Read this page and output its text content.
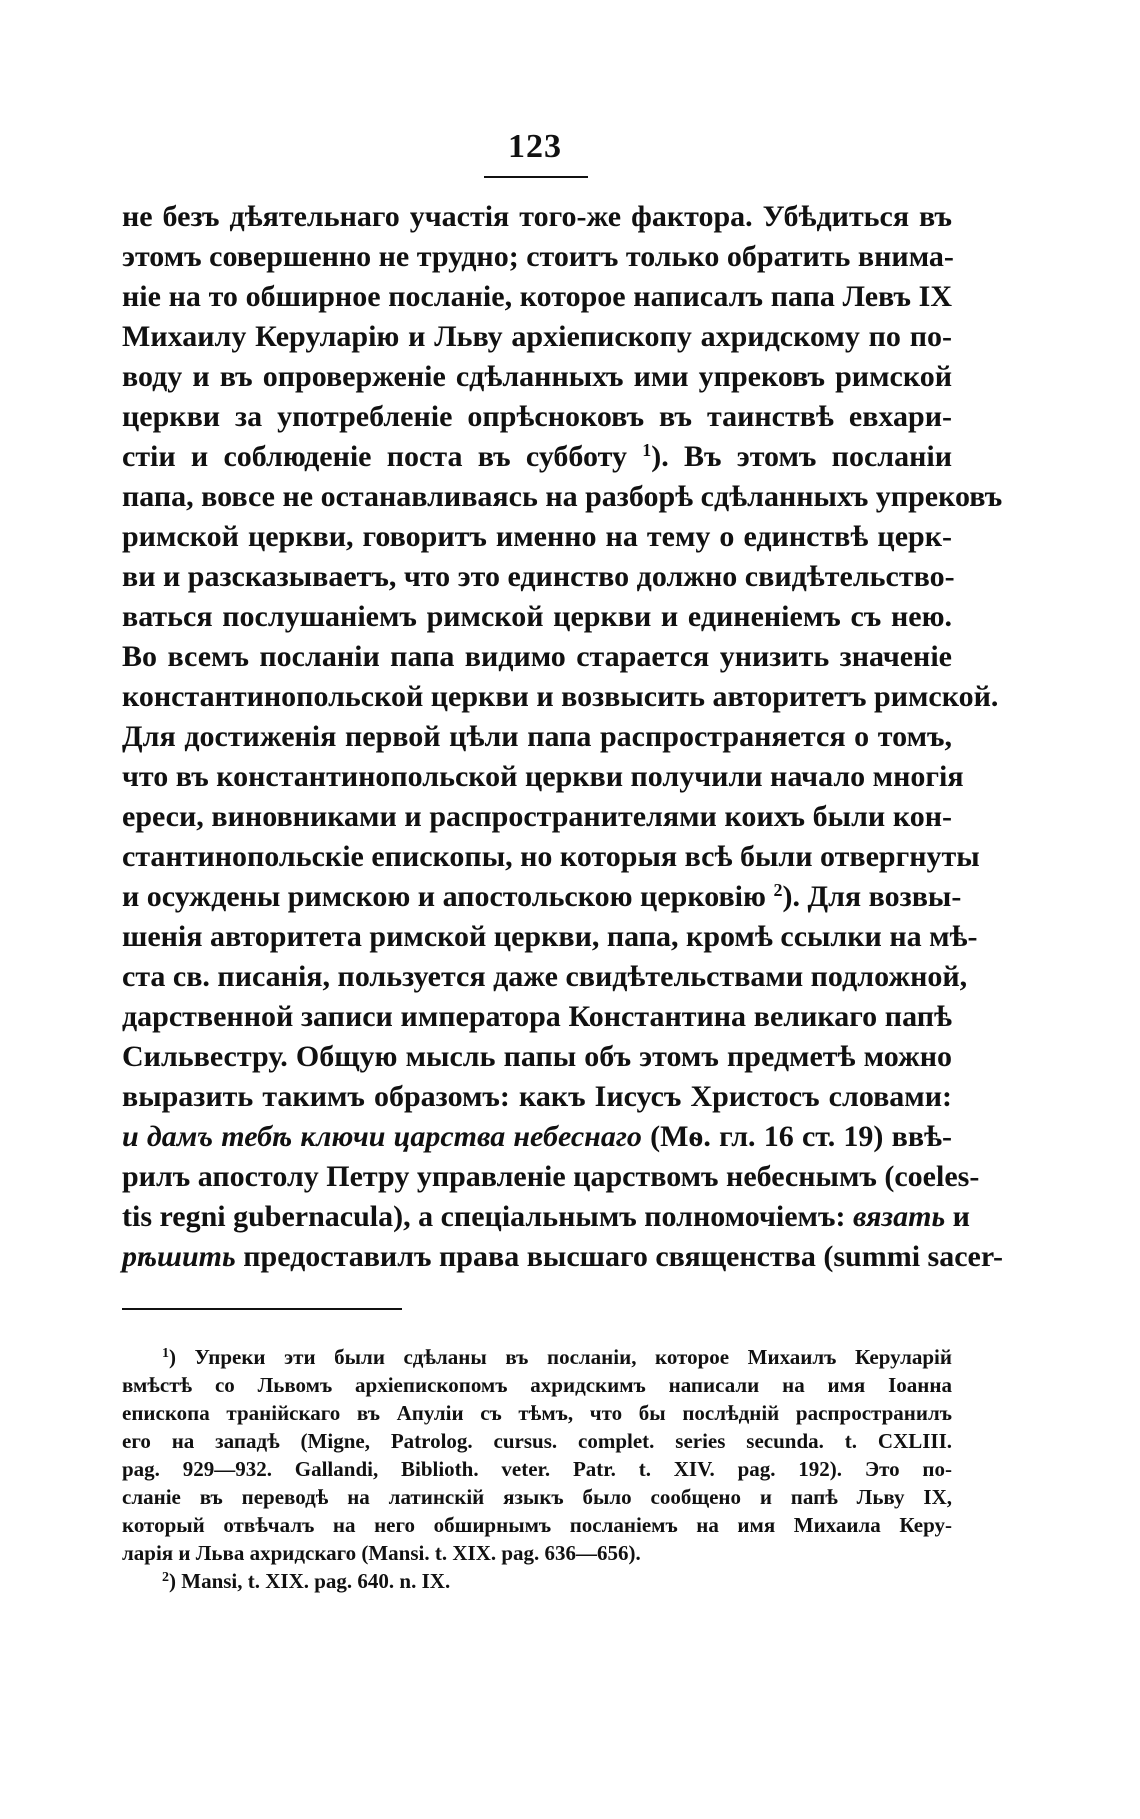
123
не безъ дѣятельнаго участія того-же фактора. Убѣдиться въ
этомъ совершенно не трудно; стоитъ только обратить внима-
ніе на то обширное посланіе, которое написалъ папа Левъ IX
Михаилу Керуларію и Льву архіепископу ахридскому по по-
воду и въ опроверженіе сдѣланныхъ ими упрековъ римской
церкви за употребленіе опрѣсноковъ въ таинствѣ евхари-
стіи и соблюденіе поста въ субботу $^1$). Въ этомъ посланіи
папа, вовсе не останавливаясь на разборѣ сдѣланныхъ упрековъ
римской церкви, говоритъ именно на тему о единствѣ церк-
ви и разсказываетъ, что это единство должно свидѣтельство-
ваться послушаніемъ римской церкви и единеніемъ съ нею.
Во всемъ посланіи папа видимо старается унизить значеніе
константинопольской церкви и возвысить авторитетъ римской.
Для достиженія первой цѣли папа распространяется о томъ,
что въ константинопольской церкви получили начало многія
ереси, виновниками и распространителями коихъ были кон-
стантинопольскіе епископы, но которыя всѣ были отвергнуты
и осуждены римскою и апостольскою церковію $^2$). Для возвы-
шенія авторитета римской церкви, папа, кромѣ ссылки на мѣ-
ста св. писанія, пользуется даже свидѣтельствами подложной,
дарственной записи императора Константина великаго папѣ
Сильвестру. Общую мысль папы объ этомъ предметѣ можно
выразить такимъ образомъ: какъ Іисусъ Христосъ словами:
и дамъ тебѣ ключи царства небеснаго (Мѳ. гл. 16 ст. 19) ввѣ-
рилъ апостолу Петру управленіе царствомъ небеснымъ (coeles-
tis regni gubernacula), а спеціальнымъ полномочіемъ: вязать и
рѣшить предоставилъ права высшаго священства (summi sacer-
$^1$) Упреки эти были сдѣланы въ посланіи, которое Михаилъ Керуларій
вмѣстѣ со Львомъ архіепископомъ ахридскимъ написали на имя Іоанна
епископа транійскаго въ Апуліи съ тѣмъ, что бы послѣдній распространилъ
его на западѣ (Migne, Patrolog. cursus. complet. series secunda. t. CXLIII.
pag. 929—932. Gallandi, Biblioth. veter. Patr. t. XIV. pag. 192). Это по-
сланіе въ переводѣ на латинскій языкъ было сообщено и папѣ Льву IX,
который отвѣчалъ на него обширнымъ посланіемъ на имя Михаила Керу-
ларія и Льва ахридскаго (Mansi. t. XIX. pag. 636—656).
$^2$) Mansi, t. XIX. pag. 640. n. IX.
